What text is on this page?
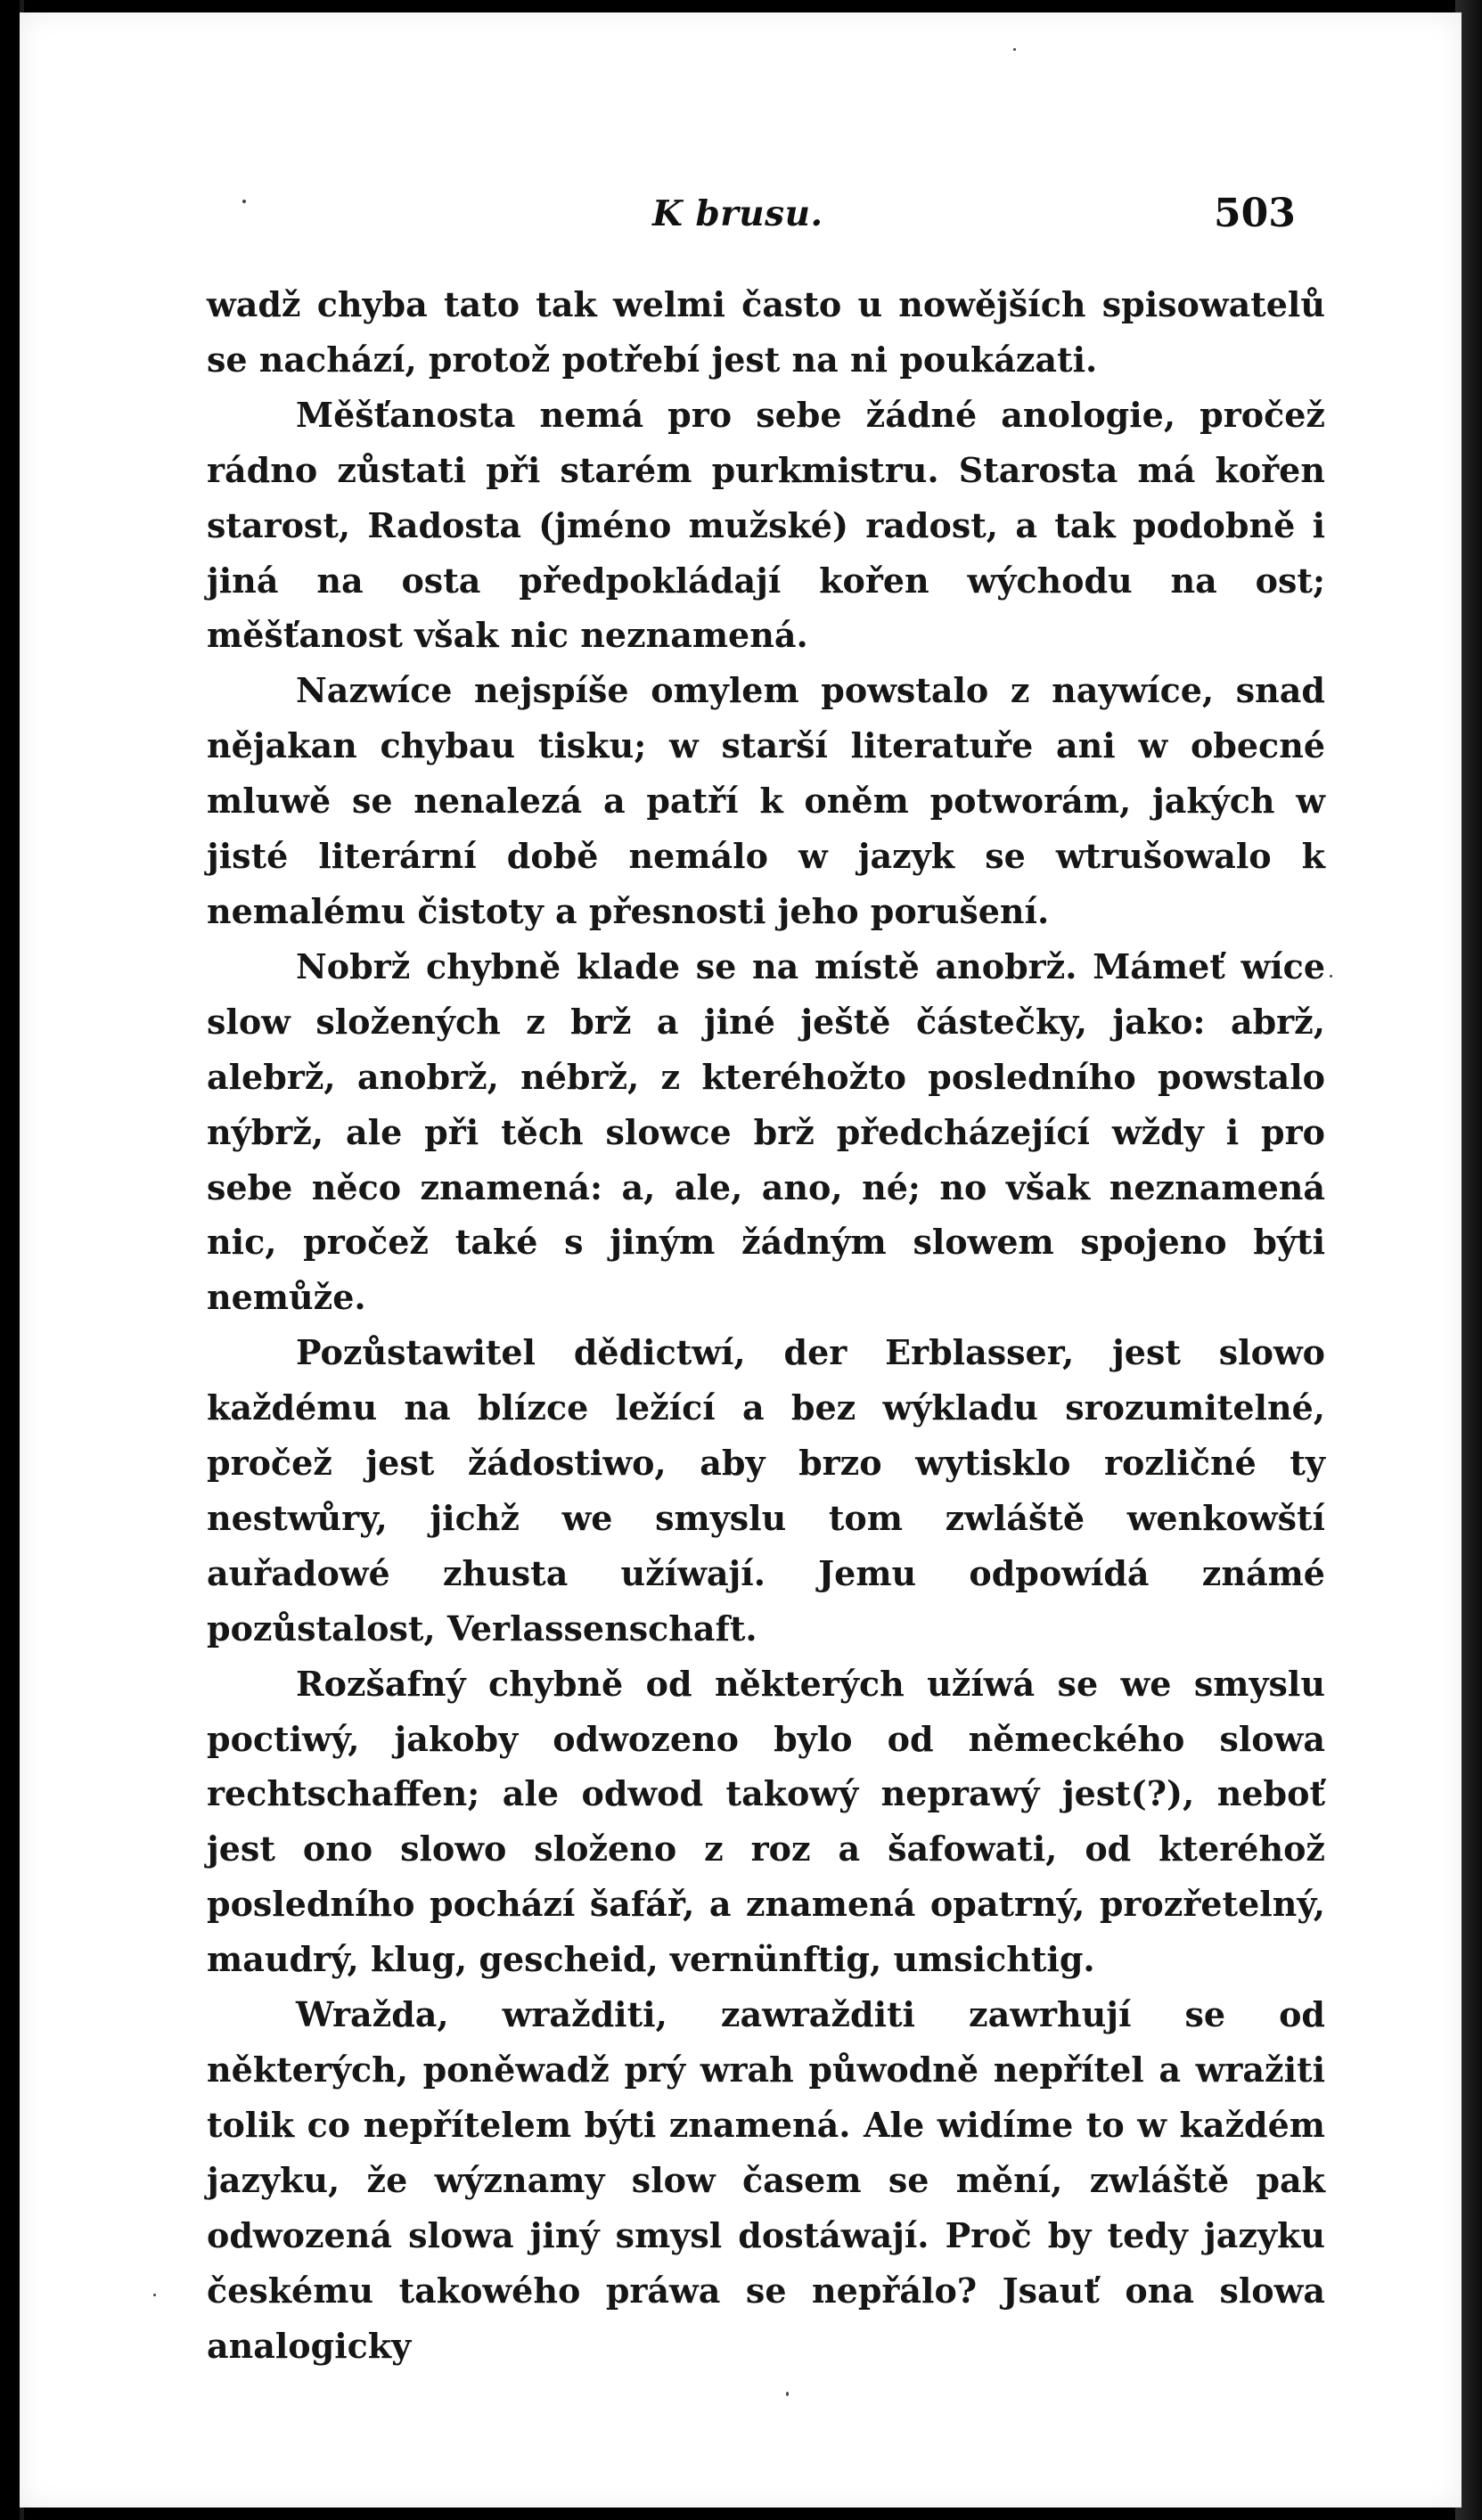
K brusu.	503

wadž chyba tato tak welmi často u nowějších spisowatelů se nachází, protož potřebí jest na ni poukázati.

Měšťanosta nemá pro sebe žádné anologie, pročež rádno zůstati při starém purkmistru. Starosta má kořen starost, Radosta (jméno mužské) radost, a tak podobně i jiná na osta předpokládají kořen wýchodu na ost; měšťanost však nic neznamená.

Nazwíce nejspíše omylem powstalo z naywíce, snad nějakan chybau tisku; w starší literatuře ani w obecné mluwě se nenalezá a patří k oněm potworám, jakých w jisté literární době nemálo w jazyk se wtrušowalo k nemalému čistoty a přesnosti jeho porušení.

Nobrž chybně klade se na místě anobrž. Mámeť wíce slow složených z brž a jiné ještě částečky, jako: abrž, alebrž, anobrž, nébrž, z kteréhožto posledního powstalo nýbrž, ale při těch slowce brž předcházející wždy i pro sebe něco znamená: a, ale, ano, né; no však neznamená nic, pročež také s jiným žádným slowem spojeno býti nemůže.

Pozůstawitel dědictwí, der Erblasser, jest slowo každému na blízce ležící a bez wýkladu srozumitelné, pročež jest žádostiwo, aby brzo wytisklo rozličné ty nestwůry, jichž we smyslu tom zwláště wenkowští auřadowé zhusta užíwají. Jemu odpowídá známé pozůstalost, Verlassenschaft.

Rozšafný chybně od některých užíwá se we smyslu poctiwý, jakoby odwozeno bylo od německého slowa rechtschaffen; ale odwod takowý neprawý jest(?), neboť jest ono slowo složeno z roz a šafowati, od kteréhož posledního pochází šafář, a znamená opatrný, prozřetelný, maudrý, klug, gescheid, vernünftig, umsichtig.

Wražda, wražditi, zawražditi zawrhují se od některých, poněwadž prý wrah půwodně nepřítel a wražiti tolik co nepřítelem býti znamená. Ale widíme to w každém jazyku, že wýznamy slow časem se mění, zwláště pak odwozená slowa jiný smysl dostáwají. Proč by tedy jazyku českému takowého práwa se nepřálo? Jsauť ona slowa analogicky
